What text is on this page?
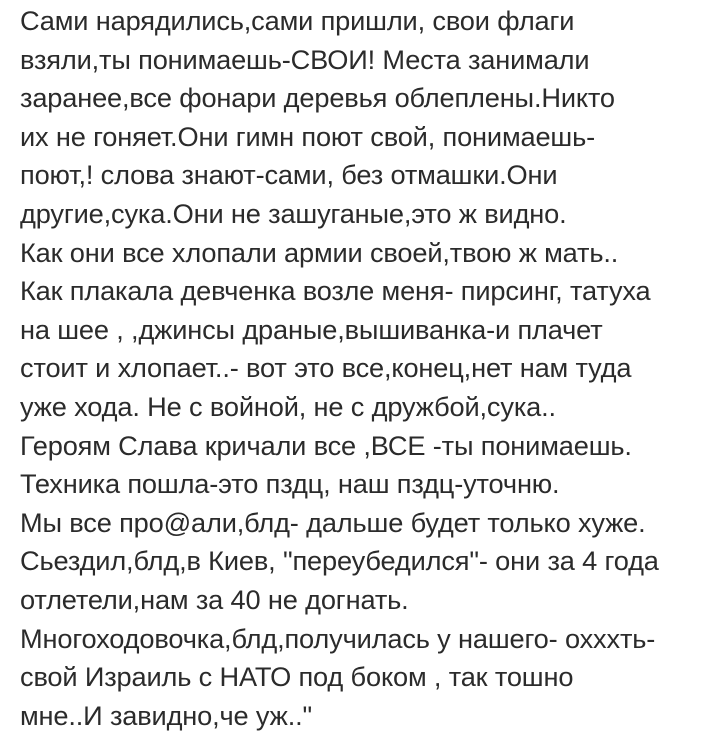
Сами нарядились,сами пришли, свои флаги
взяли,ты понимаешь-СВОИ! Места занимали
заранее,все фонари деревья облеплены.Никто
их не гоняет.Они гимн поют свой, понимаешь-
поют,! слова знают-сами, без отмашки.Они
другие,сука.Они не зашуганые,это ж видно.
Как они все хлопали армии своей,твою ж мать..
Как плакала девченка возле меня- пирсинг, татуха
на шее , ,джинсы драные,вышиванка-и плачет
стоит и хлопает..- вот это все,конец,нет нам туда
уже хода. Не с войной, не с дружбой,сука..
Героям Слава кричали все ,ВСЕ -ты понимаешь.
Техника пошла-это пздц, наш пздц-уточню.
Мы все про@али,блд- дальше будет только хуже.
Сьездил,блд,в Киев, "переубедился"- они за 4 года
отлетели,нам за 40 не догнать.
Многоходовочка,блд,получилась у нашего- оххxть-
свой Израиль с НАТО под боком , так тошно
мне..И завидно,че уж.."
